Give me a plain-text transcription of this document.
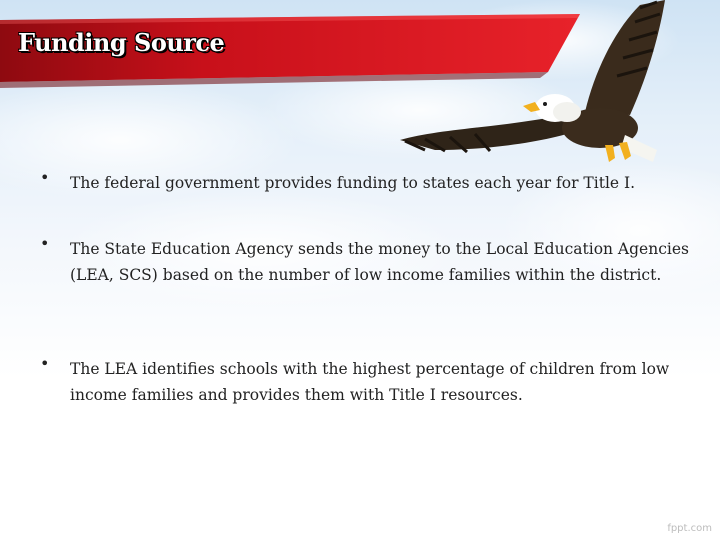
Funding Source
• The federal government provides funding to states each year for Title I.
• The State Education Agency sends the money to the Local Education Agencies (LEA, SCS) based on the number of low income families within the district.
• The LEA identifies schools with the highest percentage of children from low income families and provides them with Title I resources.
fppt.com
